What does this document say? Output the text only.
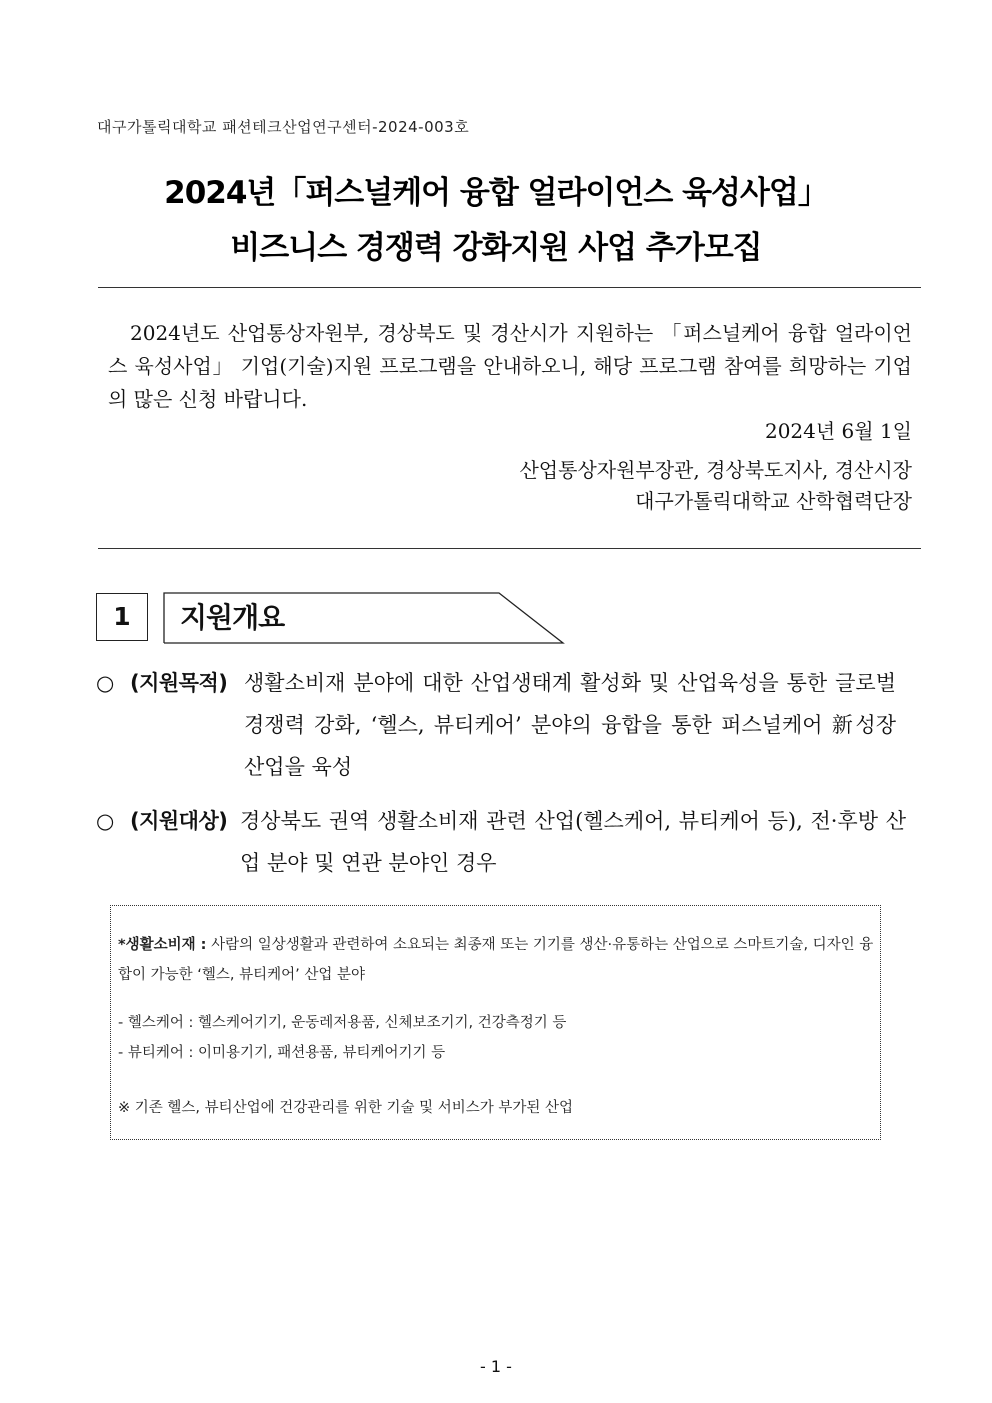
대구가톨릭대학교 패션테크산업연구센터-2024-003호
2024년「퍼스널케어 융합 얼라이언스 육성사업」
비즈니스 경쟁력 강화지원 사업 추가모집
2024년도 산업통상자원부, 경상북도 및 경산시가 지원하는 「퍼스널케어 융합 얼라이언스 육성사업」 기업(기술)지원 프로그램을 안내하오니, 해당 프로그램 참여를 희망하는 기업의 많은 신청 바랍니다.
2024년 6월 1일
산업통상자원부장관, 경상북도지사, 경산시장
대구가톨릭대학교 산학협력단장
1	지원개요
○ (지원목적) 생활소비재 분야에 대한 산업생태계 활성화 및 산업육성을 통한 글로벌 경쟁력 강화, ‘헬스, 뷰티케어’ 분야의 융합을 통한 퍼스널케어 新성장 산업을 육성
○ (지원대상) 경상북도 권역 생활소비재 관련 산업(헬스케어, 뷰티케어 등), 전·후방 산업 분야 및 연관 분야인 경우
*생활소비재 : 사람의 일상생활과 관련하여 소요되는 최종재 또는 기기를 생산·유통하는 산업으로 스마트기술, 디자인 융합이 가능한 ‘헬스, 뷰티케어’ 산업 분야
- 헬스케어 : 헬스케어기기, 운동레저용품, 신체보조기기, 건강측정기 등
- 뷰티케어 : 이미용기기, 패션용품, 뷰티케어기기 등
※ 기존 헬스, 뷰티산업에 건강관리를 위한 기술 및 서비스가 부가된 산업
- 1 -
